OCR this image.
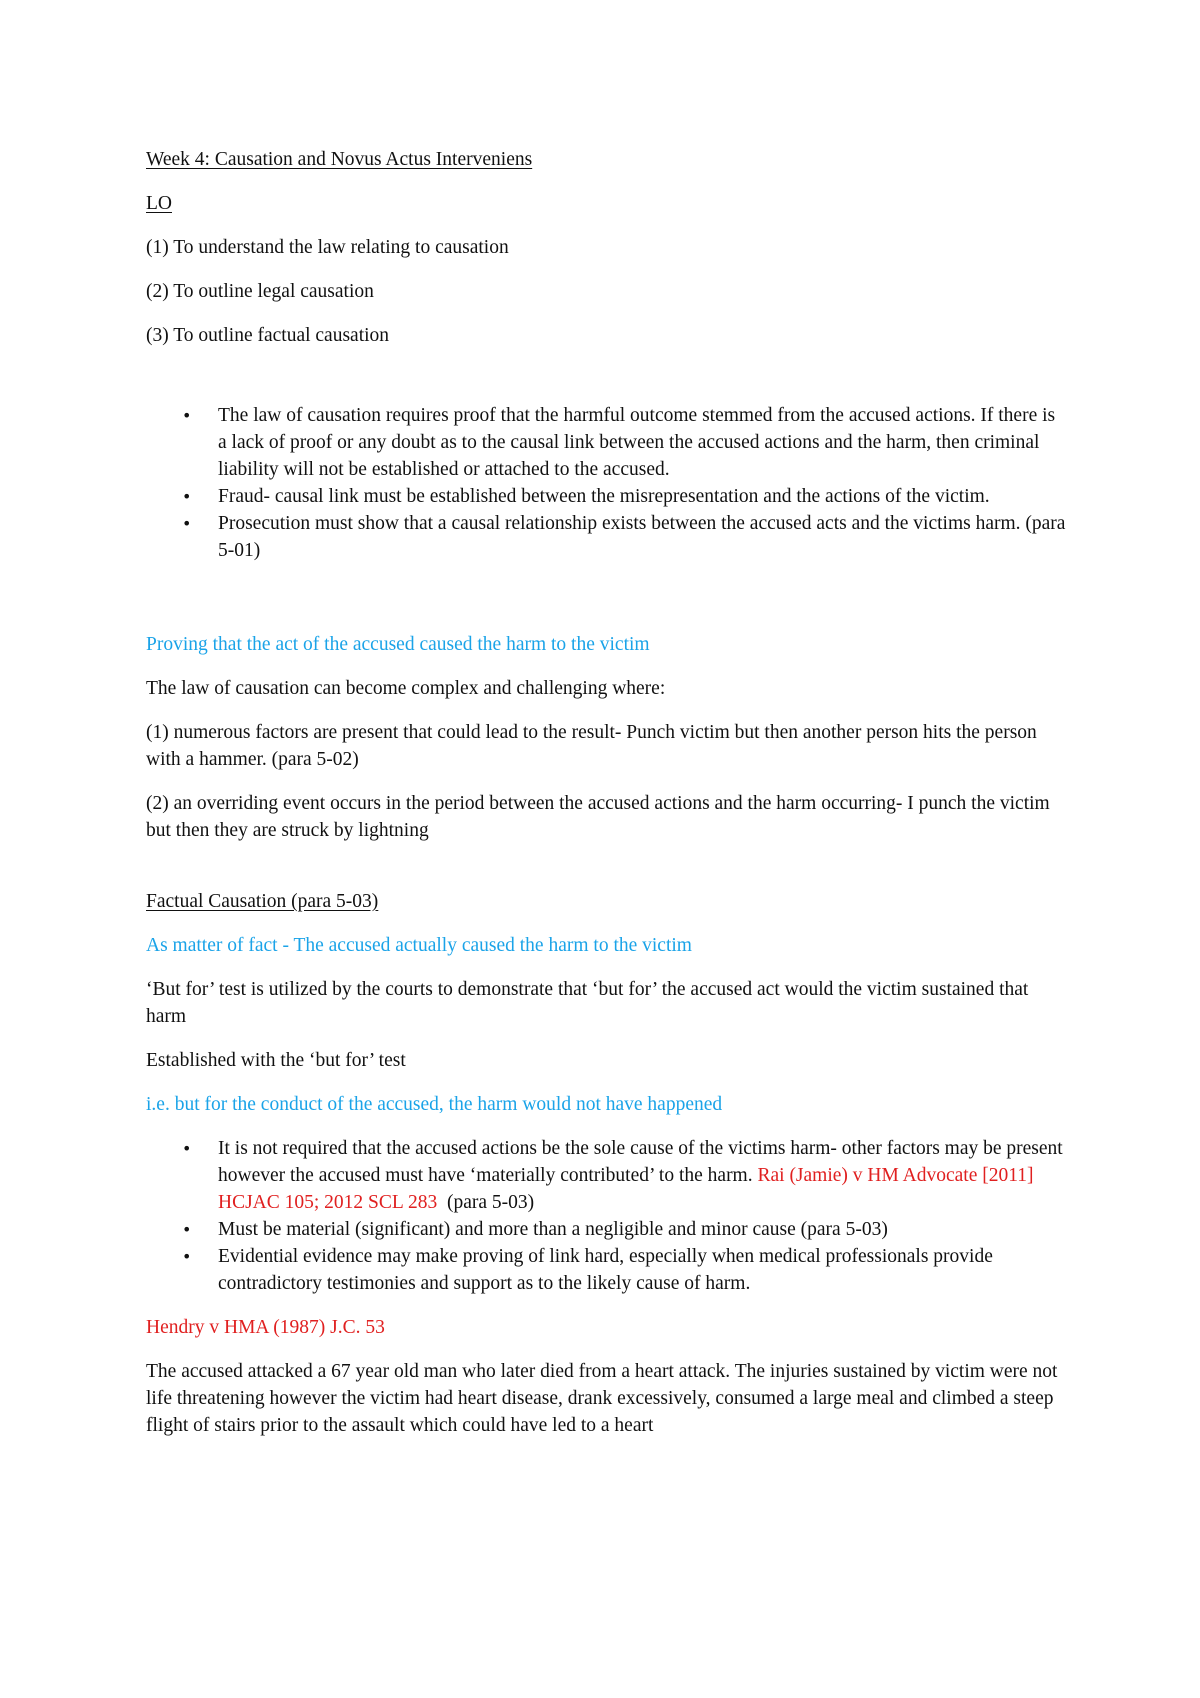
Week 4: Causation and Novus Actus Interveniens

LO

(1) To understand the law relating to causation

(2) To outline legal causation

(3) To outline factual causation

• The law of causation requires proof that the harmful outcome stemmed from the accused actions. If there is a lack of proof or any doubt as to the causal link between the accused actions and the harm, then criminal liability will not be established or attached to the accused.
• Fraud- causal link must be established between the misrepresentation and the actions of the victim.
• Prosecution must show that a causal relationship exists between the accused acts and the victims harm. (para 5-01)

Proving that the act of the accused caused the harm to the victim

The law of causation can become complex and challenging where:

(1) numerous factors are present that could lead to the result- Punch victim but then another person hits the person with a hammer. (para 5-02)

(2) an overriding event occurs in the period between the accused actions and the harm occurring- I punch the victim but then they are struck by lightning

Factual Causation (para 5-03)

As matter of fact - The accused actually caused the harm to the victim

‘But for’ test is utilized by the courts to demonstrate that ‘but for’ the accused act would the victim sustained that harm

Established with the ‘but for’ test

i.e. but for the conduct of the accused, the harm would not have happened

• It is not required that the accused actions be the sole cause of the victims harm- other factors may be present however the accused must have ‘materially contributed’ to the harm. Rai (Jamie) v HM Advocate [2011] HCJAC 105; 2012 SCL 283  (para 5-03)
• Must be material (significant) and more than a negligible and minor cause (para 5-03)
• Evidential evidence may make proving of link hard, especially when medical professionals provide contradictory testimonies and support as to the likely cause of harm.

Hendry v HMA (1987) J.C. 53

The accused attacked a 67 year old man who later died from a heart attack. The injuries sustained by victim were not life threatening however the victim had heart disease, drank excessively, consumed a large meal and climbed a steep flight of stairs prior to the assault which could have led to a heart
